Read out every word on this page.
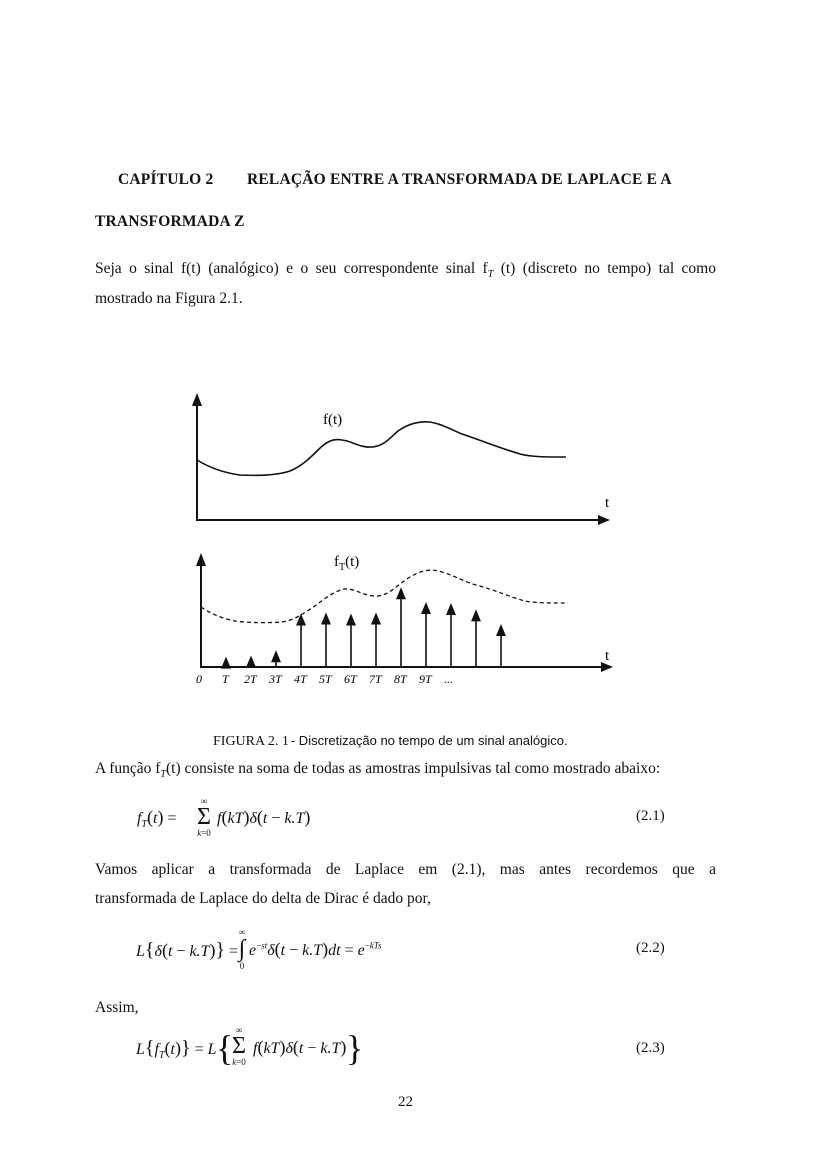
CAPÍTULO 2 RELAÇÃO ENTRE A TRANSFORMADA DE LAPLACE E A
TRANSFORMADA Z
Seja o sinal f(t) (analógico) e o seu correspondente sinal $f_T$ (t) (discreto no tempo) tal como
mostrado na Figura 2.1.
f(t)
t
$f_T(t)$
t
0 T 2T 3T 4T 5T 6T 7T 8T 9T ...
FIGURA 2. 1 - Discretização no tempo de um sinal analógico.
A função $f_T(t)$ consiste na soma de todas as amostras impulsivas tal como mostrado abaixo:
$f_T(t)$ =
∞
Σ
k=0
f(kT)δ(t − k.T)	(2.1)
Vamos aplicar a transformada de Laplace em (2.1), mas antes recordemos que a
transformada de Laplace do delta de Dirac é dado por,
L{δ(t − k.T)} =
∞
∫
0
$e^{-st}\delta(t - k.T)dt = e^{-kTs}$	(2.2)
Assim,
$L\{f_T(t)\} = L$ { ∞
Σ
k=0
f(kT)δ(t − k.T) }	(2.3)
22
